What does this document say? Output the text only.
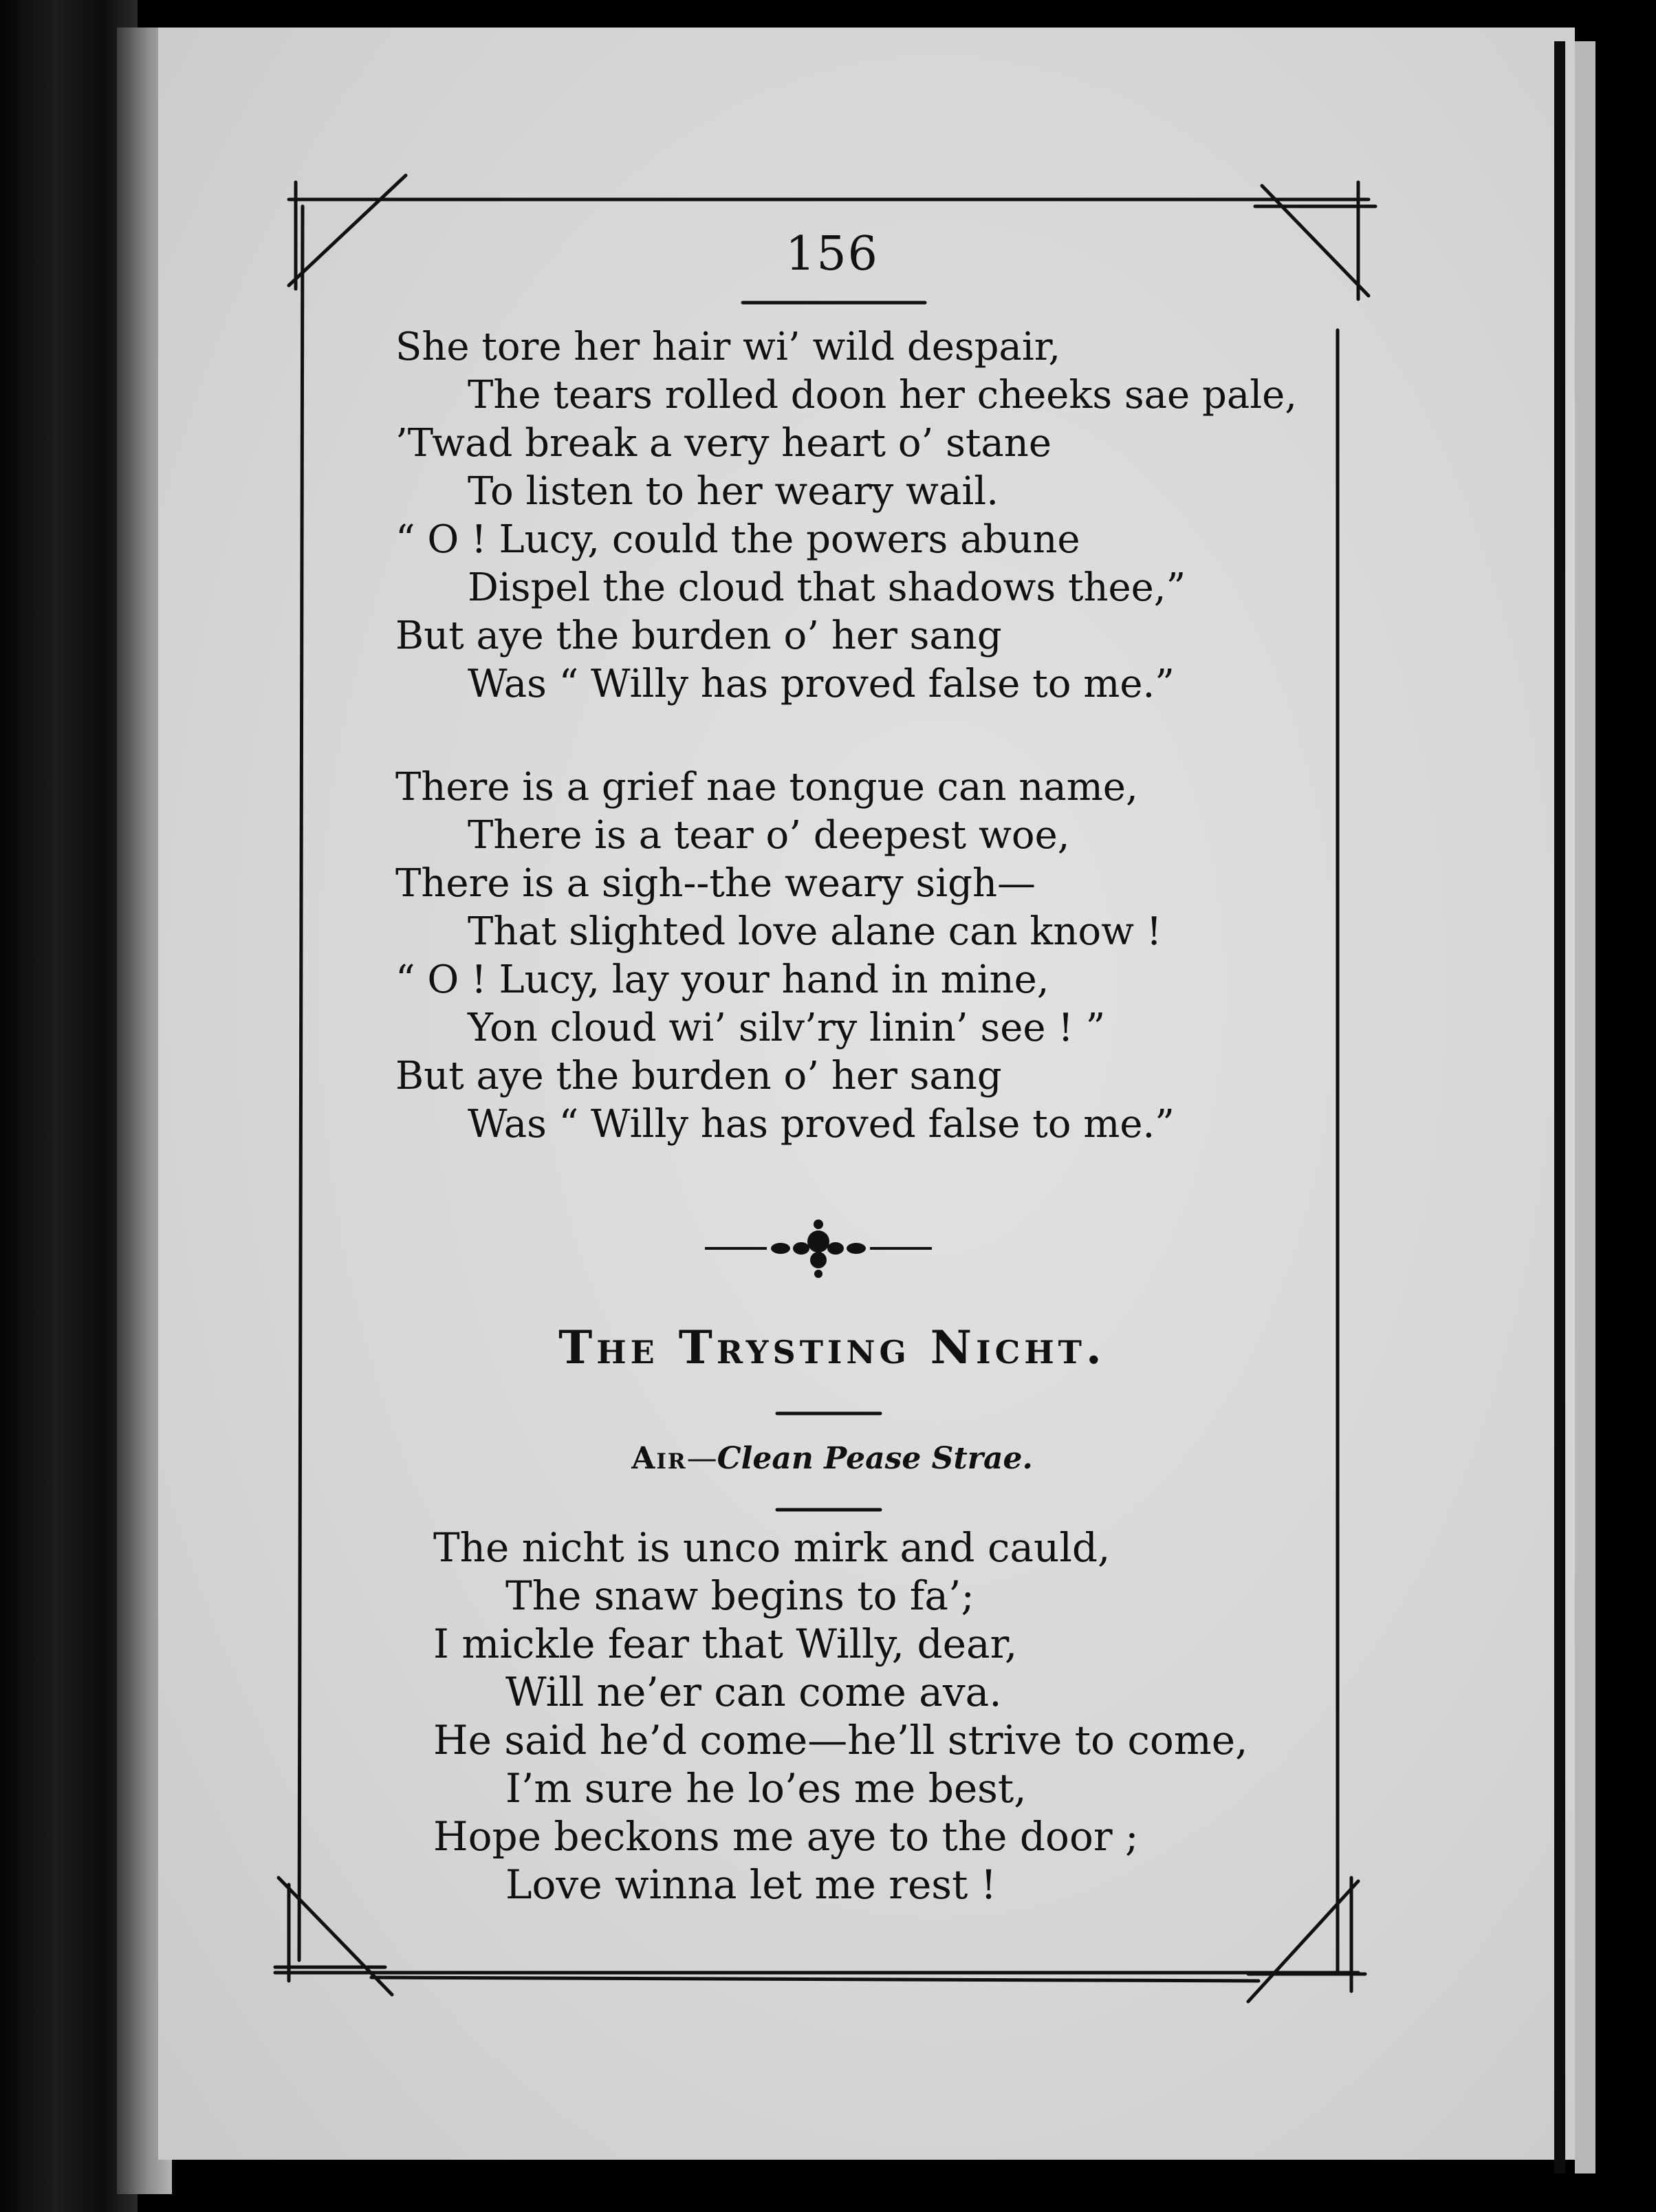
156
She tore her hair wi’ wild despair,
The tears rolled doon her cheeks sae pale,
’Twad break a very heart o’ stane
To listen to her weary wail.
“ O ! Lucy, could the powers abune
Dispel the cloud that shadows thee,”
But aye the burden o’ her sang
Was “ Willy has proved false to me.”
There is a grief nae tongue can name,
There is a tear o’ deepest woe,
There is a sigh--the weary sigh—
That slighted love alane can know !
“ O ! Lucy, lay your hand in mine,
Yon cloud wi’ silv’ry linin’ see ! ”
But aye the burden o’ her sang
Was “ Willy has proved false to me.”
The Trysting Nicht.
Air—Clean Pease Strae.
The nicht is unco mirk and cauld,
The snaw begins to fa’;
I mickle fear that Willy, dear,
Will ne’er can come ava.
He said he’d come—he’ll strive to come,
I’m sure he lo’es me best,
Hope beckons me aye to the door ;
Love winna let me rest !
